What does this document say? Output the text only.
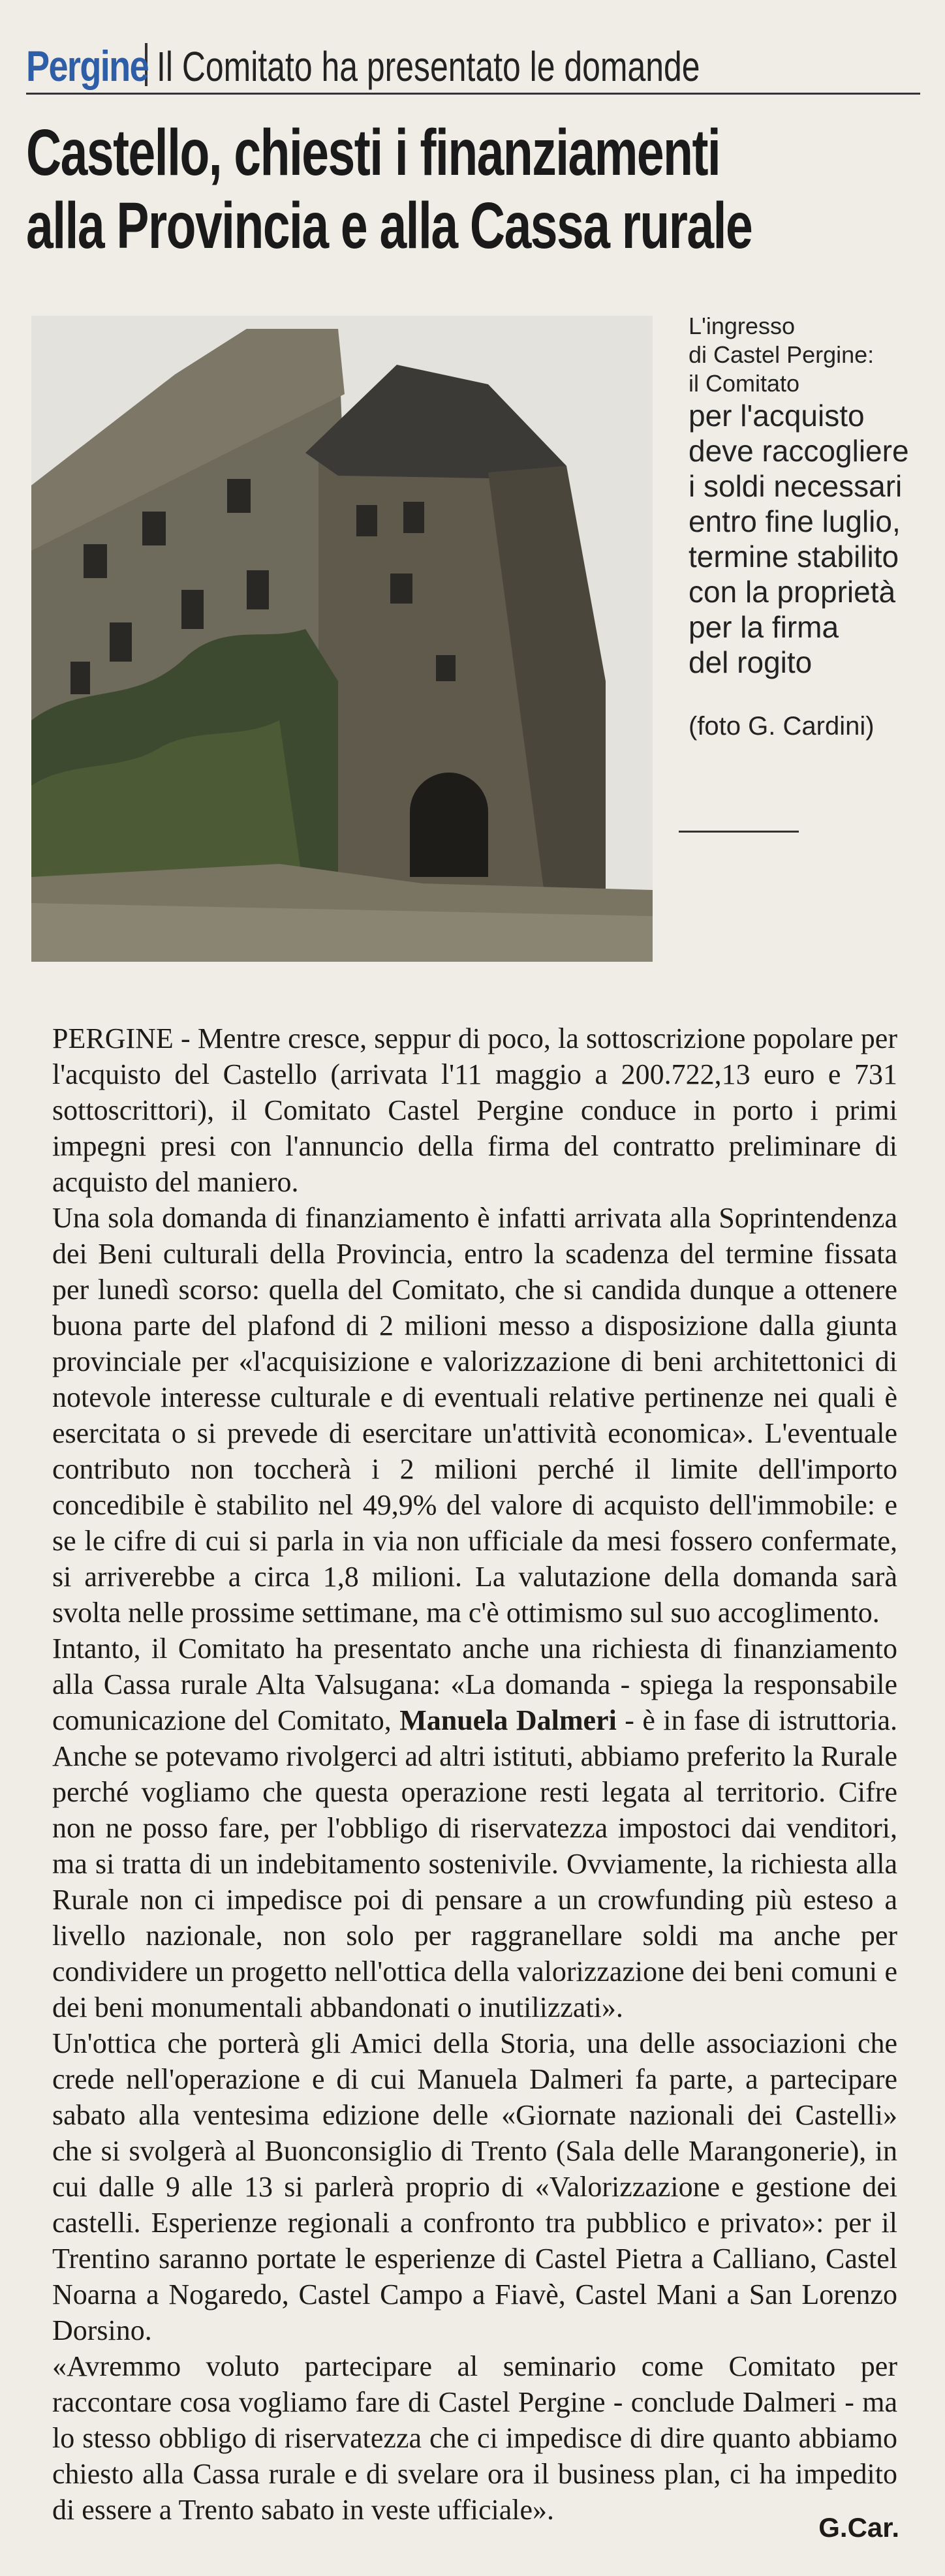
Pergine Il Comitato ha presentato le domande
Castello, chiesti i finanziamenti
alla Provincia e alla Cassa rurale
L'ingresso
di Castel Pergine:
il Comitato
per l'acquisto
deve raccogliere
i soldi necessari
entro fine luglio,
termine stabilito
con la proprietà
per la firma
del rogito
(foto G. Cardini)

PERGINE - Mentre cresce, seppur di poco, la sottoscrizione popolare per l'acquisto del Castello (arrivata l'11 maggio a 200.722,13 euro e 731 sottoscrittori), il Comitato Castel Pergine conduce in porto i primi impegni presi con l'annuncio della firma del contratto preliminare di acquisto del maniero.

Una sola domanda di finanziamento è infatti arrivata alla Soprintendenza dei Beni culturali della Provincia, entro la scadenza del termine fissata per lunedì scorso: quella del Comitato, che si candida dunque a ottenere buona parte del plafond di 2 milioni messo a disposizione dalla giunta provinciale per «l'acquisizione e valorizzazione di beni architettonici di notevole interesse culturale e di eventuali relative pertinenze nei quali è esercitata o si prevede di esercitare un'attività economica». L'eventuale contributo non toccherà i 2 milioni perché il limite dell'importo concedibile è stabilito nel 49,9% del valore di acquisto dell'immobile: e se le cifre di cui si parla in via non ufficiale da mesi fossero confermate, si arriverebbe a circa 1,8 milioni. La valutazione della domanda sarà svolta nelle prossime settimane, ma c'è ottimismo sul suo accoglimento.

Intanto, il Comitato ha presentato anche una richiesta di finanziamento alla Cassa rurale Alta Valsugana: «La domanda - spiega la responsabile comunicazione del Comitato, Manuela Dalmeri - è in fase di istruttoria. Anche se potevamo rivolgerci ad altri istituti, abbiamo preferito la Rurale perché vogliamo che questa operazione resti legata al territorio. Cifre non ne posso fare, per l'obbligo di riservatezza impostoci dai venditori, ma si tratta di un indebitamento sostenivile. Ovviamente, la richiesta alla Rurale non ci impedisce poi di pensare a un crowfunding più esteso a livello nazionale, non solo per raggranellare soldi ma anche per condividere un progetto nell'ottica della valorizzazione dei beni comuni e dei beni monumentali abbandonati o inutilizzati».

Un'ottica che porterà gli Amici della Storia, una delle associazioni che crede nell'operazione e di cui Manuela Dalmeri fa parte, a partecipare sabato alla ventesima edizione delle «Giornate nazionali dei Castelli» che si svolgerà al Buonconsiglio di Trento (Sala delle Marangonerie), in cui dalle 9 alle 13 si parlerà proprio di «Valorizzazione e gestione dei castelli. Esperienze regionali a confronto tra pubblico e privato»: per il Trentino saranno portate le esperienze di Castel Pietra a Calliano, Castel Noarna a Nogaredo, Castel Campo a Fiavè, Castel Mani a San Lorenzo Dorsino.

«Avremmo voluto partecipare al seminario come Comitato per raccontare cosa vogliamo fare di Castel Pergine - conclude Dalmeri - ma lo stesso obbligo di riservatezza che ci impedisce di dire quanto abbiamo chiesto alla Cassa rurale e di svelare ora il business plan, ci ha impedito di essere a Trento sabato in veste ufficiale».

G.Car.
